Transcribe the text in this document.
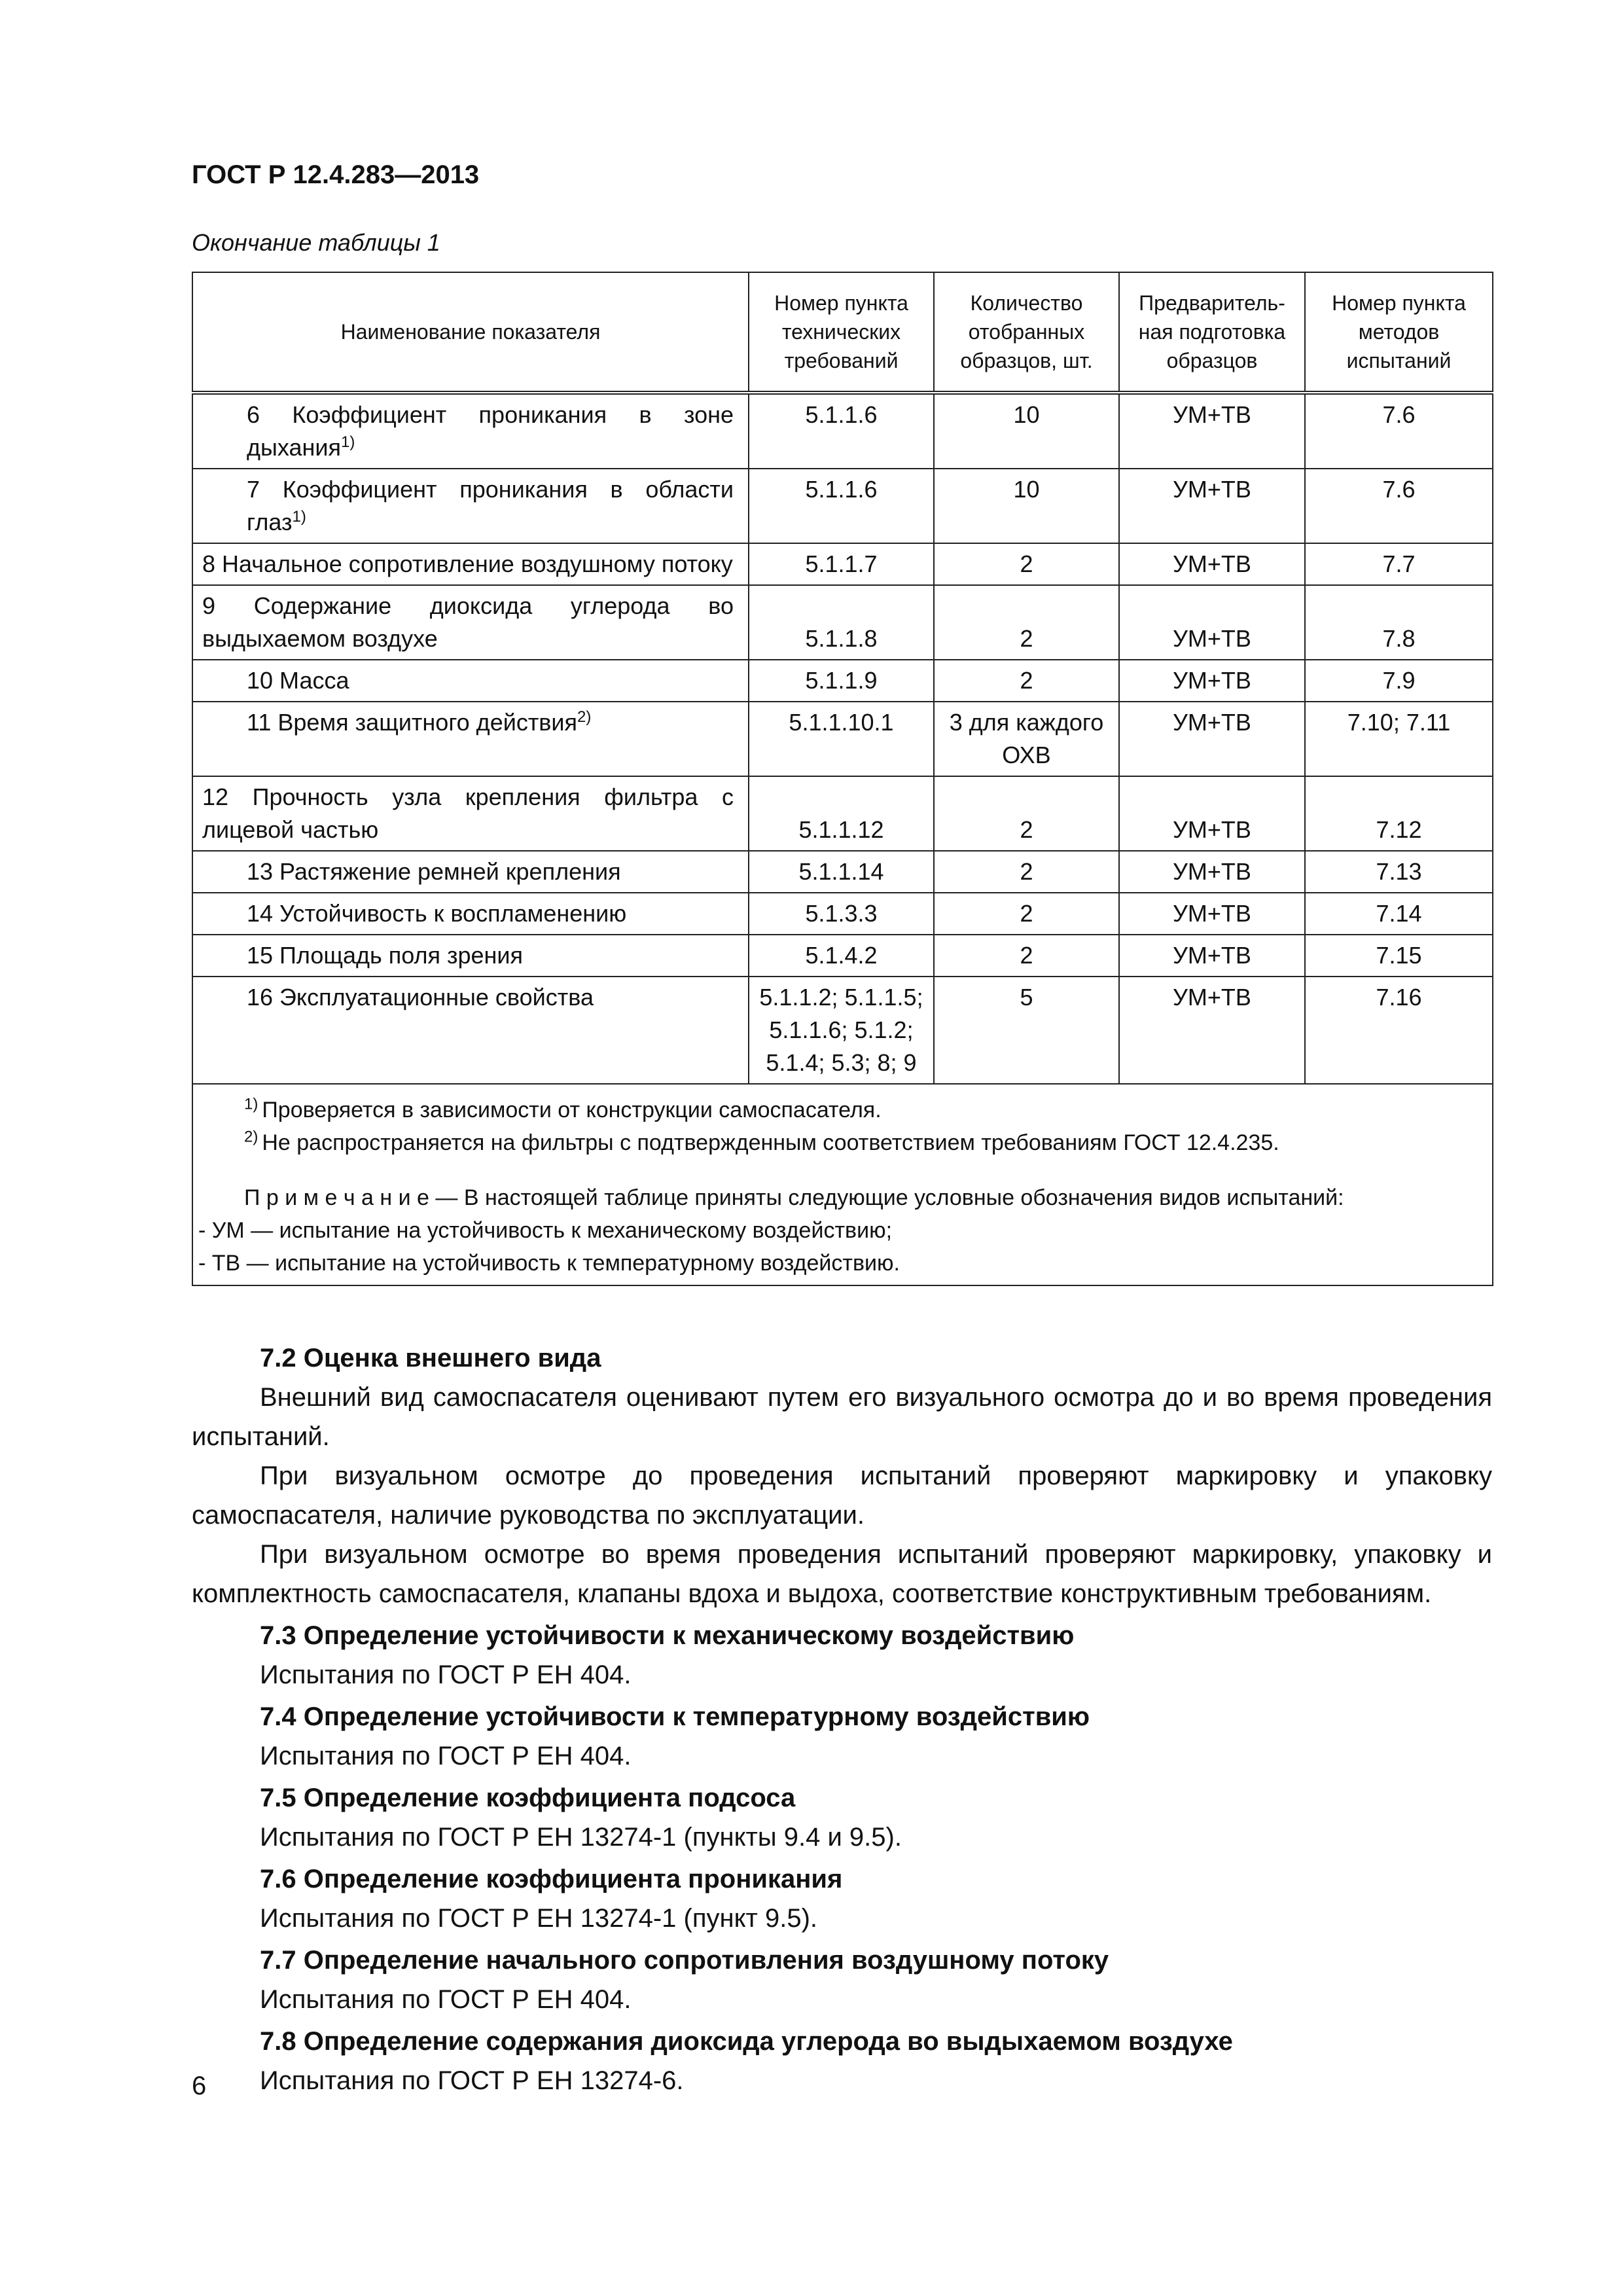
ГОСТ Р 12.4.283—2013
Окончание таблицы 1
Наименование показателя	Номер пункта технических требований	Количество отобранных образцов, шт.	Предваритель-ная подготовка образцов	Номер пункта методов испытаний
6 Коэффициент проникания в зоне дыхания$^{1)}$	5.1.1.6	10	УМ+ТВ	7.6
7 Коэффициент проникания в области глаз$^{1)}$	5.1.1.6	10	УМ+ТВ	7.6
8 Начальное сопротивление воздушному потоку	5.1.1.7	2	УМ+ТВ	7.7
9 Содержание диоксида углерода во выдыхаемом воздухе	5.1.1.8	2	УМ+ТВ	7.8
10 Масса	5.1.1.9	2	УМ+ТВ	7.9
11 Время защитного действия$^{2)}$	5.1.1.10.1	3 для каждого ОХВ	УМ+ТВ	7.10; 7.11
12 Прочность узла крепления фильтра с лицевой частью	5.1.1.12	2	УМ+ТВ	7.12
13 Растяжение ремней крепления	5.1.1.14	2	УМ+ТВ	7.13
14 Устойчивость к воспламенению	5.1.3.3	2	УМ+ТВ	7.14
15 Площадь поля зрения	5.1.4.2	2	УМ+ТВ	7.15
16 Эксплуатационные свойства	5.1.1.2; 5.1.1.5; 5.1.1.6; 5.1.2; 5.1.4; 5.3; 8; 9	5	УМ+ТВ	7.16

$^{1)}$ Проверяется в зависимости от конструкции самоспасателя.
$^{2)}$ Не распространяется на фильтры с подтвержденным соответствием требованиям ГОСТ 12.4.235.
П р и м е ч а н и е — В настоящей таблице приняты следующие условные обозначения видов испытаний:
- УМ — испытание на устойчивость к механическому воздействию;
- ТВ — испытание на устойчивость к температурному воздействию.				
7.2 Оценка внешнего вида

Внешний вид самоспасателя оценивают путем его визуального осмотра до и во время проведения испытаний.

При визуальном осмотре до проведения испытаний проверяют маркировку и упаковку самоспасателя, наличие руководства по эксплуатации.

При визуальном осмотре во время проведения испытаний проверяют маркировку, упаковку и комплектность самоспасателя, клапаны вдоха и выдоха, соответствие конструктивным требованиям.

7.3 Определение устойчивости к механическому воздействию
Испытания по ГОСТ Р ЕН 404.
7.4 Определение устойчивости к температурному воздействию
Испытания по ГОСТ Р ЕН 404.
7.5 Определение коэффициента подсоса
Испытания по ГОСТ Р ЕН 13274-1 (пункты 9.4 и 9.5).
7.6 Определение коэффициента проникания
Испытания по ГОСТ Р ЕН 13274-1 (пункт 9.5).
7.7 Определение начального сопротивления воздушному потоку
Испытания по ГОСТ Р ЕН 404.
7.8 Определение содержания диоксида углерода во выдыхаемом воздухе
Испытания по ГОСТ Р ЕН 13274-6.
6
